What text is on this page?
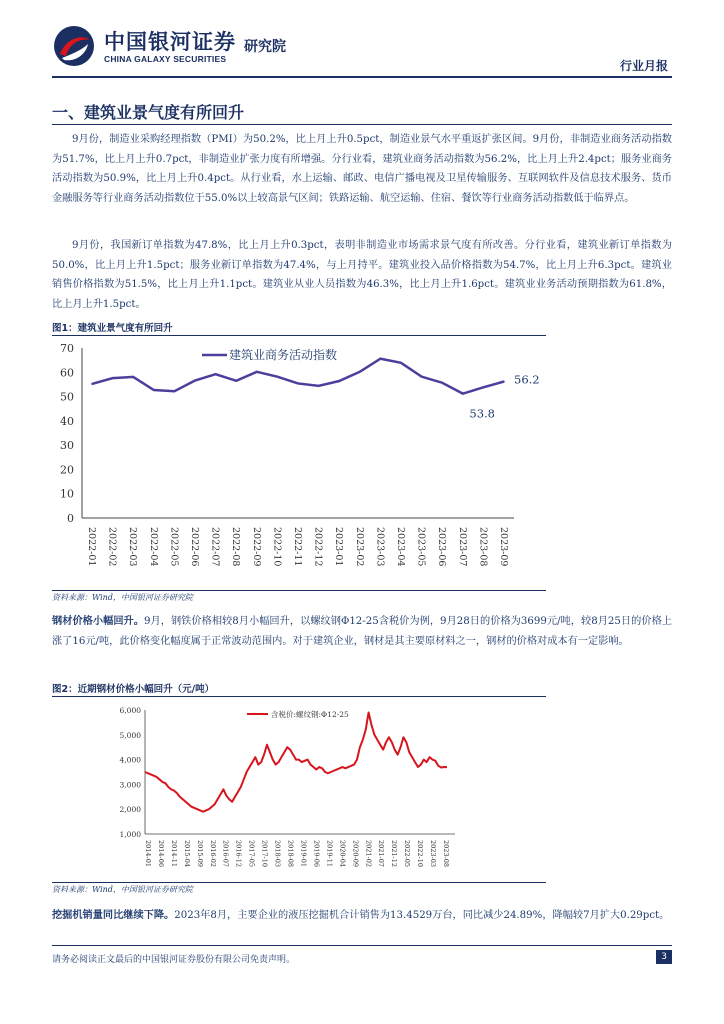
中国银河证券
CHINA GALAXY SECURITIES
研究院
行业月报
一、建筑业景气度有所回升
9月份，制造业采购经理指数（PMI）为50.2%，比上月上升0.5pct，制造业景气水平重返扩张区间。9月份，非制造业商务活动指数为51.7%，比上月上升0.7pct，非制造业扩张力度有所增强。分行业看，建筑业商务活动指数为56.2%，比上月上升2.4pct；服务业商务活动指数为50.9%，比上月上升0.4pct。从行业看，水上运输、邮政、电信广播电视及卫星传输服务、互联网软件及信息技术服务、货币金融服务等行业商务活动指数位于55.0%以上较高景气区间；铁路运输、航空运输、住宿、餐饮等行业商务活动指数低于临界点。
9月份，我国新订单指数为47.8%，比上月上升0.3pct，表明非制造业市场需求景气度有所改善。分行业看，建筑业新订单指数为50.0%，比上月上升1.5pct；服务业新订单指数为47.4%，与上月持平。建筑业投入品价格指数为54.7%，比上月上升6.3pct。建筑业销售价格指数为51.5%，比上月上升1.1pct。建筑业从业人员指数为46.3%，比上月上升1.6pct。建筑业业务活动预期指数为61.8%，比上月上升1.5pct。
图1：建筑业景气度有所回升
0
10
20
30
40
50
60
70
2022-01 2022-02 2022-03 2022-04 2022-05 2022-06 2022-07 2022-08 2022-09 2022-10 2022-11 2022-12 2023-01 2023-02 2023-03 2023-04 2023-05 2023-06 2023-07 2023-08 2023-09
建筑业商务活动指数
53.8
56.2
资料来源：Wind，中国银河证券研究院
钢材价格小幅回升。9月，钢铁价格相较8月小幅回升，以螺纹钢Φ12-25含税价为例，9月28日的价格为3699元/吨，较8月25日的价格上涨了16元/吨，此价格变化幅度属于正常波动范围内。对于建筑企业，钢材是其主要原材料之一，钢材的价格对成本有一定影响。
图2：近期钢材价格小幅回升（元/吨）
1,000
2,000
3,000
4,000
5,000
6,000
2014-01 2014-06 2014-11 2015-04 2015-09 2016-02 2016-07 2016-12 2017-05 2017-10 2018-03 2018-08 2019-01 2019-06 2019-11 2020-04 2020-09 2021-02 2021-07 2021-12 2022-05 2022-10 2023-03 2023-08
含税价:螺纹钢:Φ12-25
资料来源：Wind，中国银河证券研究院
挖掘机销量同比继续下降。2023年8月，主要企业的液压挖掘机合计销售为13.4529万台，同比减少24.89%，降幅较7月扩大0.29pct。
请务必阅读正文最后的中国银河证券股份有限公司免责声明。	3
